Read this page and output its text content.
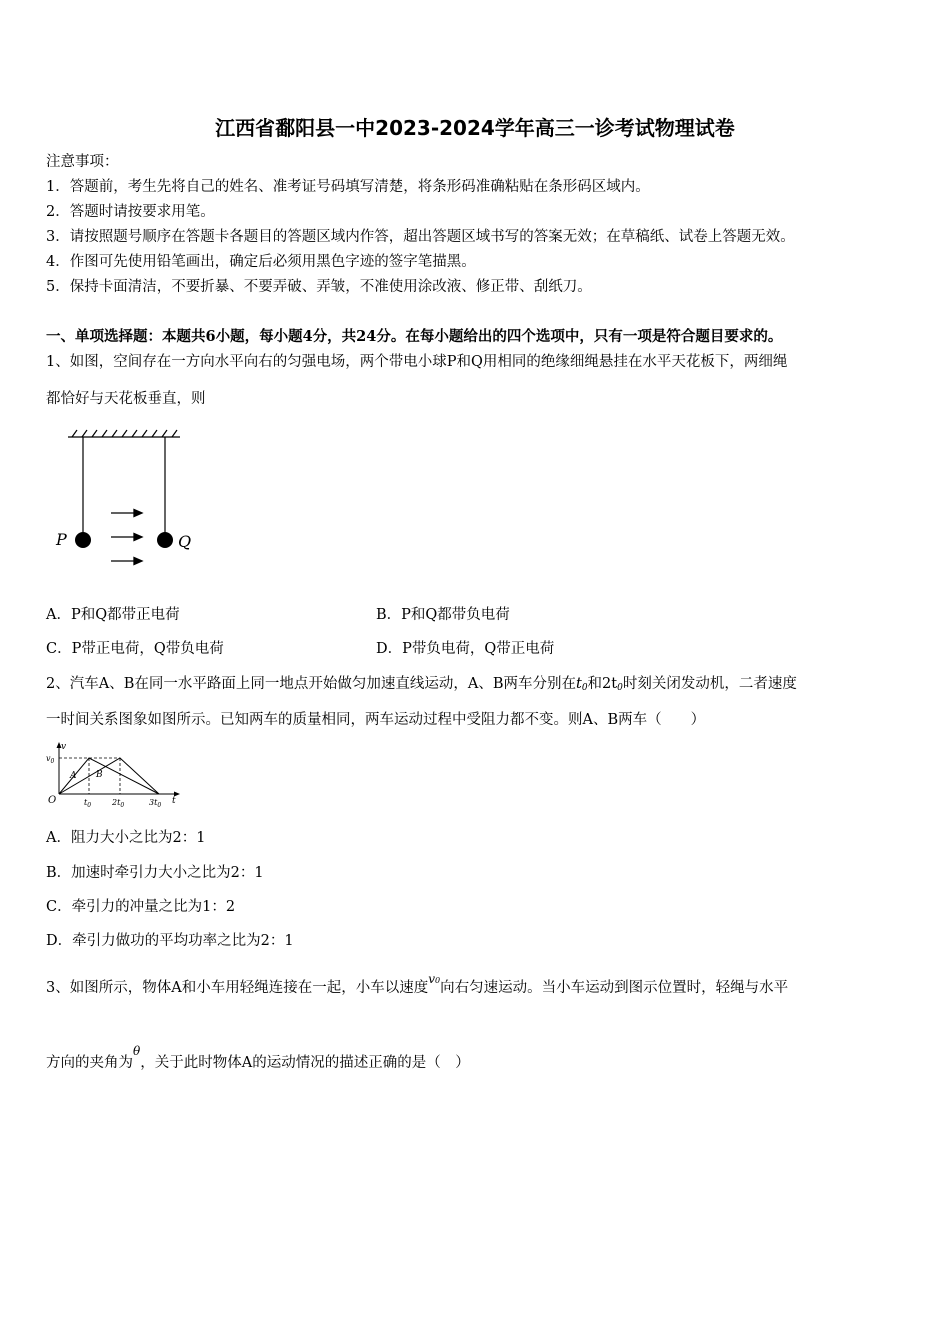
江西省鄱阳县一中2023-2024学年高三一诊考试物理试卷
注意事项：
1．答题前，考生先将自己的姓名、准考证号码填写清楚，将条形码准确粘贴在条形码区域内。
2．答题时请按要求用笔。
3．请按照题号顺序在答题卡各题目的答题区域内作答，超出答题区域书写的答案无效；在草稿纸、试卷上答题无效。
4．作图可先使用铅笔画出，确定后必须用黑色字迹的签字笔描黑。
5．保持卡面清洁，不要折暴、不要弄破、弄皱，不准使用涂改液、修正带、刮纸刀。
一、单项选择题：本题共6小题，每小题4分，共24分。在每小题给出的四个选项中，只有一项是符合题目要求的。
1、如图，空间存在一方向水平向右的匀强电场，两个带电小球P和Q用相同的绝缘细绳悬挂在水平天花板下，两细绳
都恰好与天花板垂直，则
P	Q
A．P和Q都带正电荷	B．P和Q都带负电荷
C．P带正电荷，Q带负电荷	D．P带负电荷，Q带正电荷
2、汽车A、B在同一水平路面上同一地点开始做匀加速直线运动，A、B两车分别在$t_0$和$2t_0$时刻关闭发动机，二者速度
一时间关系图象如图所示。已知两车的质量相同，两车运动过程中受阻力都不变。则A、B两车（　　）
v
t
O
$v_0$
$t_0$	$2t_0$	$3t_0$
A B
A．阻力大小之比为2：1
B．加速时牵引力大小之比为2：1
C．牵引力的冲量之比为1：2
D．牵引力做功的平均功率之比为2：1
3、如图所示，物体A和小车用轻绳连接在一起，小车以速度$^{v0}$向右匀速运动。当小车运动到图示位置时，轻绳与水平
方向的夹角为$^\theta$，关于此时物体A的运动情况的描述正确的是（　）
